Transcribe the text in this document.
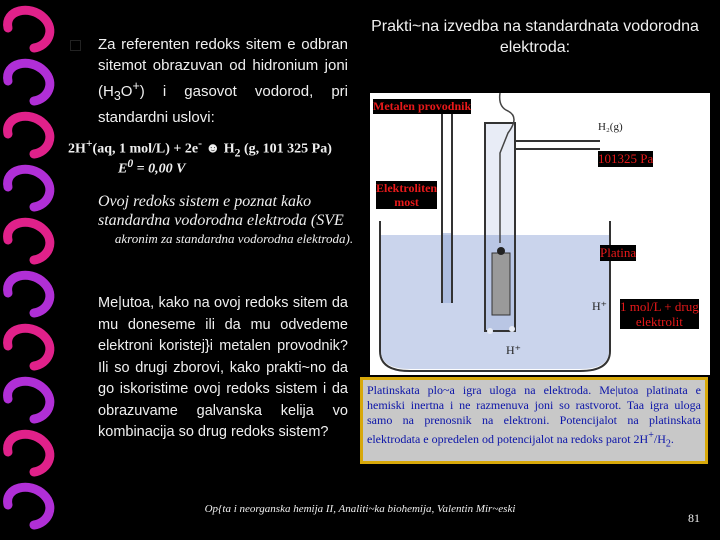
Za referenten redoks sitem e odbran sitemot obrazuvan od hidronium joni $(H_3O^+)$ i gasovot vodorod, pri standardni uslovi:
2H+(aq, 1 mol/L) + 2e- ☻ $H_2$ (g, 101 325 Pa)
$E^0 = 0,00$ V
Ovoj redoks sistem e poznat kako standardna vodorodna elektroda (SVE
akronim za standardna vodorodna elektroda).
Me|utoa, kako na ovoj redoks sitem da mu doneseme ili da mu odvedeme elektroni koristej}i metalen provodnik? Ili so drugi zborovi, kako prakti~no da go iskoristime ovoj redoks sistem i da obrazuvame galvanska kelija vo kombinacija so drug redoks sistem?
Prakti~na izvedba na standardnata vodorodna elektroda:
Metalen provodnik
101325 Pa
Elektroliten
most
Platina
1 mol/L + drug
elektrolit
H₂(g)
H⁺
H⁺
Platinskata plo~a igra uloga na elektroda. Me|utoa platinata e hemiski inertna i ne razmenuva joni so rastvorot. Taa igra uloga samo na prenosnik na elektroni. Potencijalot na platinskata elektrodata e opredelen od potencijalot na redoks parot $2H^+/H_2$.
Op{ta i neorganska hemija II, Analiti~ka biohemija, Valentin Mir~eski
81
